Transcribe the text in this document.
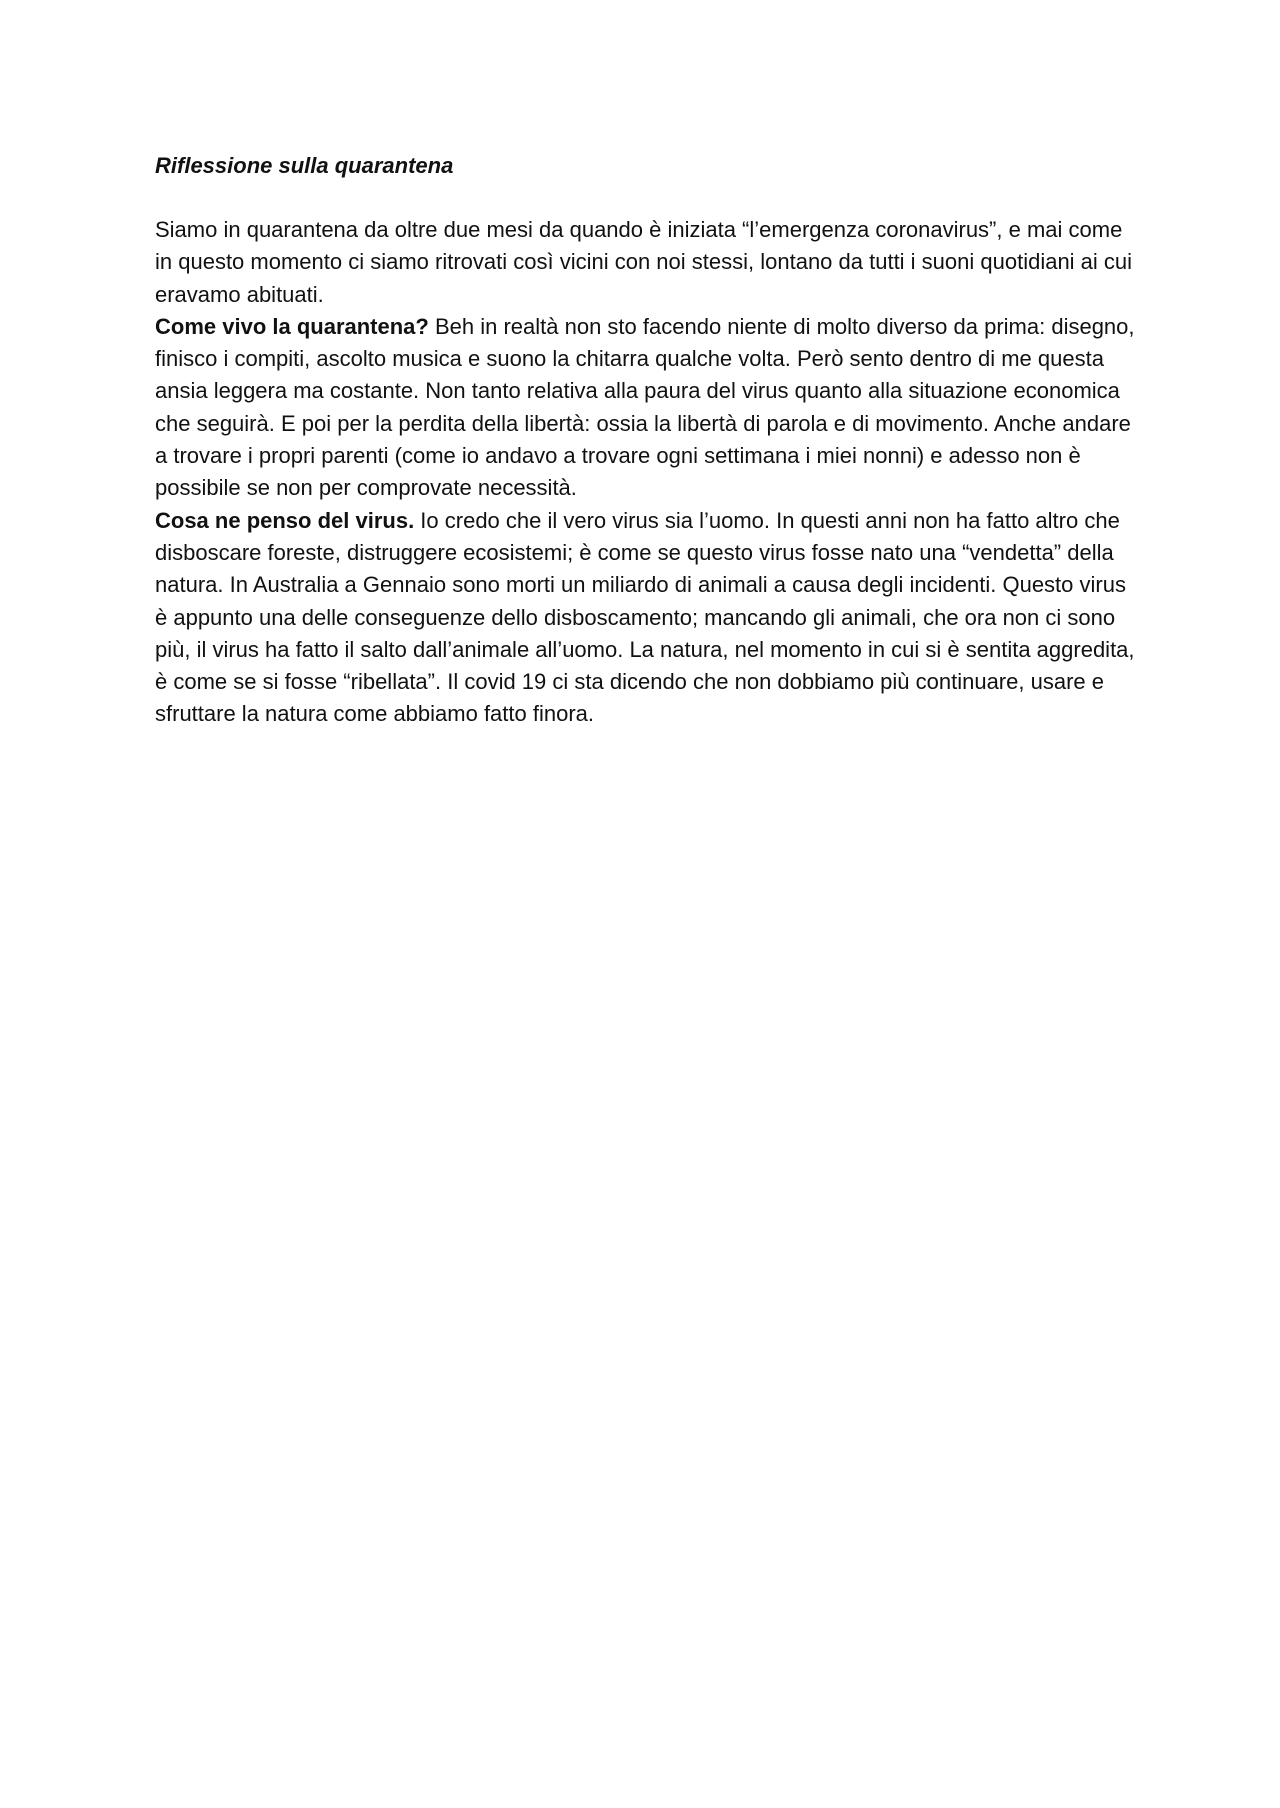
Riflessione sulla quarantena

Siamo in quarantena da oltre due mesi da quando è iniziata “l’emergenza coronavirus”, e mai come in questo momento ci siamo ritrovati così vicini con noi stessi, lontano da tutti i suoni quotidiani ai cui eravamo abituati.

Come vivo la quarantena? Beh in realtà non sto facendo niente di molto diverso da prima: disegno, finisco i compiti, ascolto musica e suono la chitarra qualche volta. Però sento dentro di me questa ansia leggera ma costante. Non tanto relativa alla paura del virus quanto alla situazione economica che seguirà. E poi per la perdita della libertà: ossia la libertà di parola e di movimento. Anche andare a trovare i propri parenti (come io andavo a trovare ogni settimana i miei nonni) e adesso non è possibile se non per comprovate necessità.

Cosa ne penso del virus. Io credo che il vero virus sia l’uomo. In questi anni non ha fatto altro che disboscare foreste, distruggere ecosistemi; è come se questo virus fosse nato una “vendetta” della natura. In Australia a Gennaio sono morti un miliardo di animali a causa degli incidenti. Questo virus è appunto una delle conseguenze dello disboscamento; mancando gli animali, che ora non ci sono più, il virus ha fatto il salto dall’animale all’uomo. La natura, nel momento in cui si è sentita aggredita, è come se si fosse “ribellata”. Il covid 19 ci sta dicendo che non dobbiamo più continuare, usare e sfruttare la natura come abbiamo fatto finora.
